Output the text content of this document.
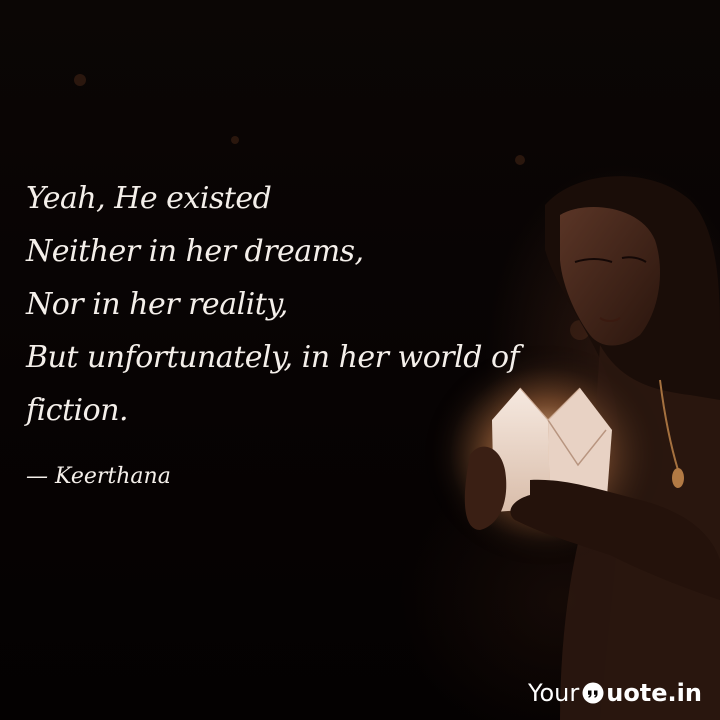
Yeah, He existed
Neither in her dreams,
Nor in her reality,
But unfortunately, in her world of
fiction.

— Keerthana

Your uote.in
